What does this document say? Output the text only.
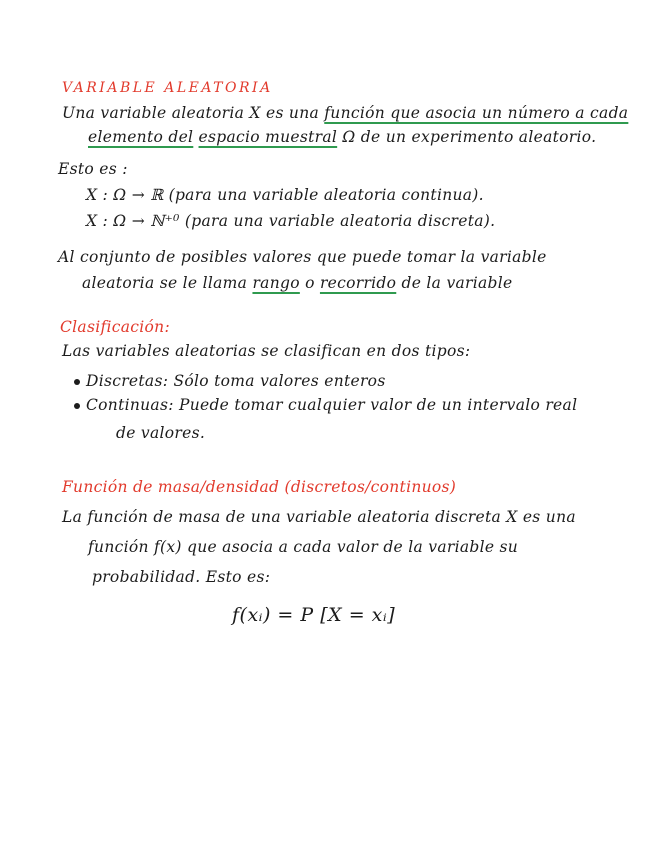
VARIABLE ALEATORIA
Una variable aleatoria X es una función que asocia un número a cada
elemento del espacio muestral Ω de un experimento aleatorio.
Esto es :
X : Ω → ℝ (para una variable aleatoria continua).
X : Ω → ℕ⁺⁰ (para una variable aleatoria discreta).
Al conjunto de posibles valores que puede tomar la variable
aleatoria se le llama rango o recorrido de la variable
Clasificación:
Las variables aleatorias se clasifican en dos tipos:
Discretas: Sólo toma valores enteros
Continuas: Puede tomar cualquier valor de un intervalo real
de valores.
Función de masa/densidad (discretos/continuos)
La función de masa de una variable aleatoria discreta X es una
función f(x) que asocia a cada valor de la variable su
probabilidad. Esto es:
f(xᵢ) = P [X = xᵢ]
